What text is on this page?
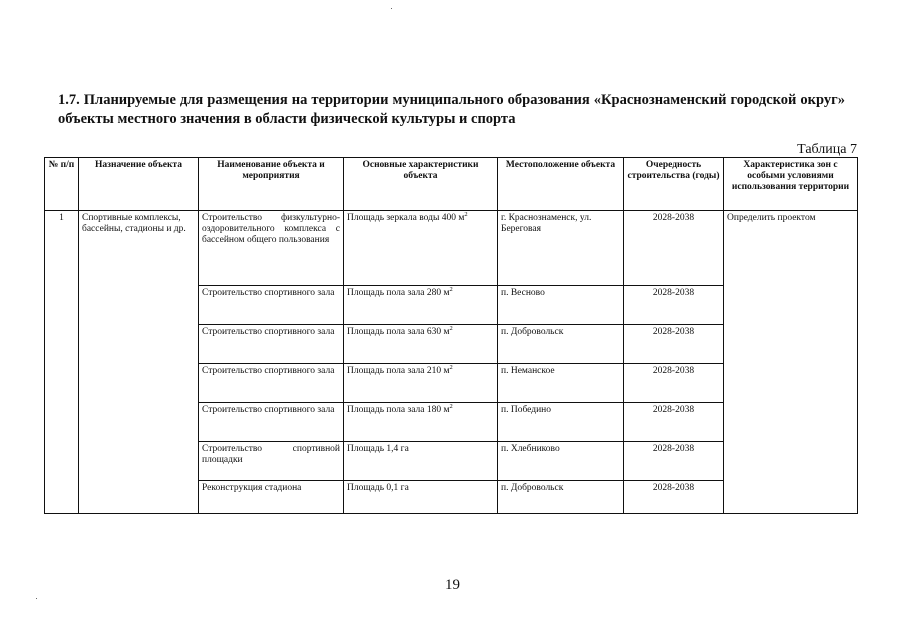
1.7. Планируемые для размещения на территории муниципального образования «Краснознаменский городской округ» объекты местного значения в области физической культуры и спорта
Таблица 7
№ п/п	Назначение объекта	Наименование объекта и мероприятия	Основные характеристики объекта	Местоположение объекта	Очередность строительства (годы)	Характеристика зон с особыми условиями использования территории
1	Спортивные комплексы, бассейны, стадионы и др.	Строительство физкультурно-оздоровительного комплекса с бассейном общего пользования	Площадь зеркала воды 400 $м^2$	г. Краснознаменск, ул. Береговая	2028-2038	Определить проектом
		Строительство спортивного зала	Площадь пола зала 280 $м^2$	п. Весново	2028-2038	
		Строительство спортивного зала	Площадь пола зала 630 $м^2$	п. Добровольск	2028-2038	
		Строительство спортивного зала	Площадь пола зала 210 $м^2$	п. Неманское	2028-2038	
		Строительство спортивного зала	Площадь пола зала 180 $м^2$	п. Победино	2028-2038	
		Строительство спортивной площадки	Площадь 1,4 га	п. Хлебниково	2028-2038	
		Реконструкция стадиона	Площадь 0,1 га	п. Добровольск	2028-2038	
19
